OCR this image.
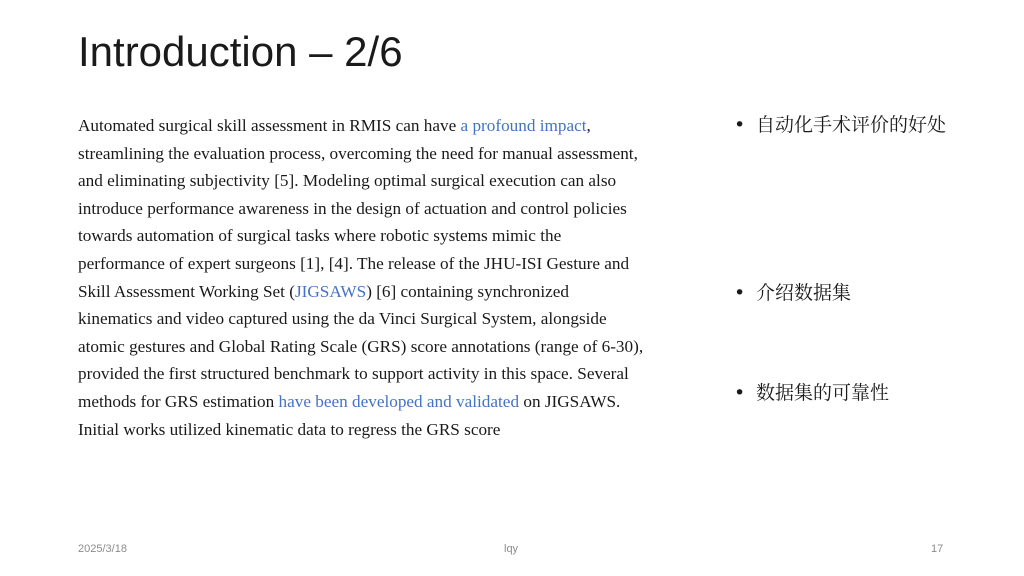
Introduction – 2/6
Automated surgical skill assessment in RMIS can have a profound impact,
streamlining the evaluation process, overcoming the need for manual assessment,
and eliminating subjectivity [5]. Modeling optimal surgical execution can also
introduce performance awareness in the design of actuation and control policies
towards automation of surgical tasks where robotic systems mimic the
performance of expert surgeons [1], [4]. The release of the JHU-ISI Gesture and
Skill Assessment Working Set (JIGSAWS) [6] containing synchronized
kinematics and video captured using the da Vinci Surgical System, alongside
atomic gestures and Global Rating Scale (GRS) score annotations (range of 6-30),
provided the first structured benchmark to support activity in this space. Several
methods for GRS estimation have been developed and validated on JIGSAWS.
Initial works utilized kinematic data to regress the GRS score
• 自动化手术评价的好处
• 介绍数据集
• 数据集的可靠性
2025/3/18	lqy	17
